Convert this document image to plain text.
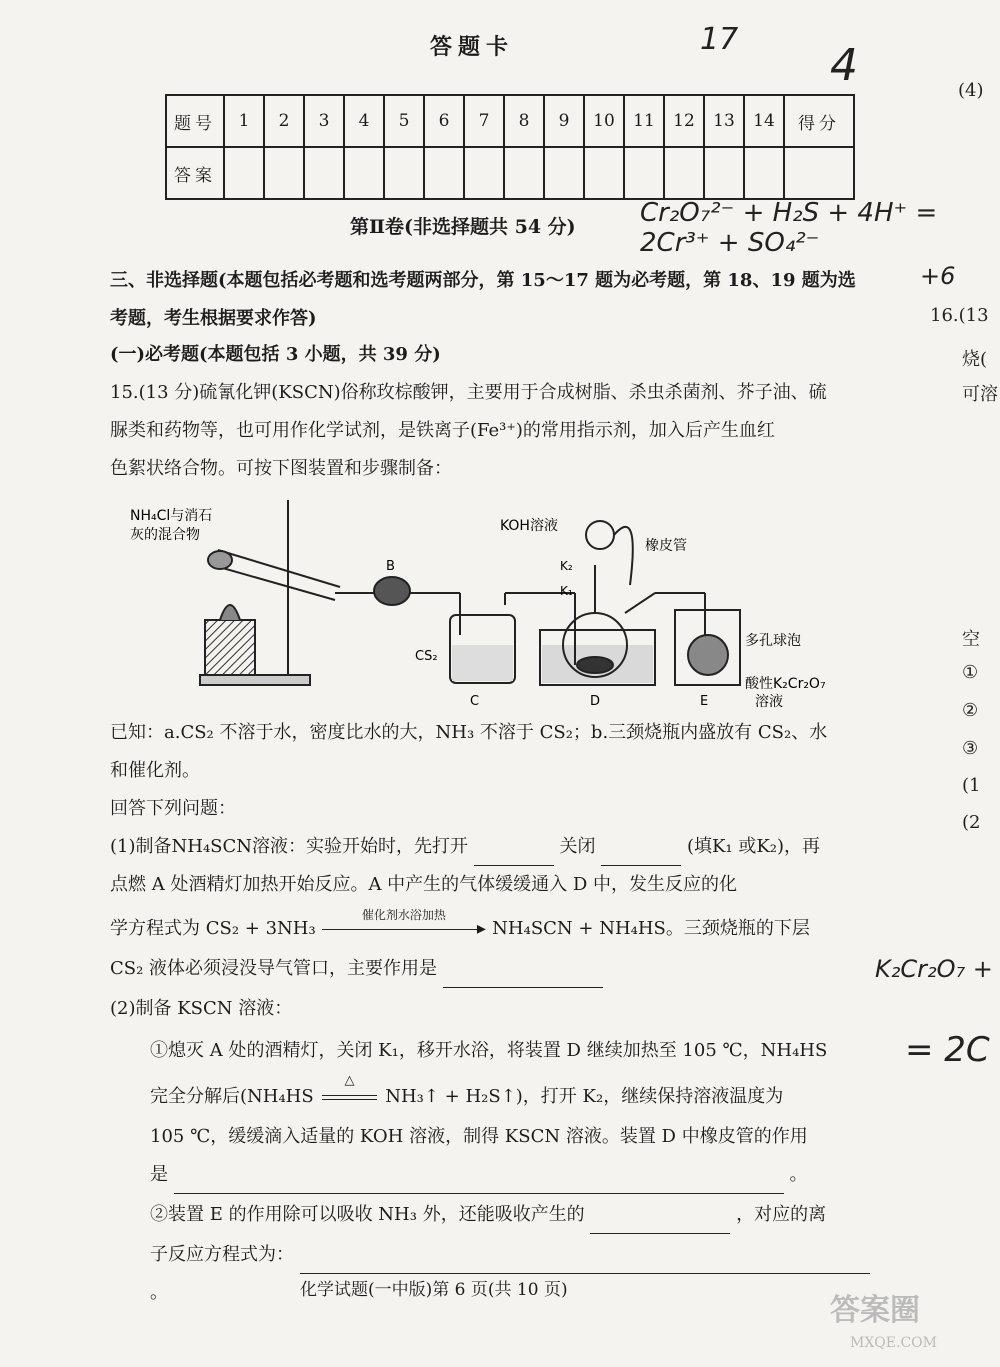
答题卡	17
4
题号	1	2	3	4	5	6	7	8	9	10	11	12	13	14	得分
答案															
第Ⅱ卷(非选择题共 54 分) Cr₂O₇²⁻ + H₂S + 4H⁺ = 2Cr³⁺ + SO₄²⁻
+6
三、非选择题(本题包括必考题和选考题两部分，第 15～17 题为必考题，第 18、19 题为选
考题，考生根据要求作答)
(一)必考题(本题包括 3 小题，共 39 分)
15.(13 分)硫氰化钾(KSCN)俗称玫棕酸钾，主要用于合成树脂、杀虫杀菌剂、芥子油、硫
脲类和药物等，也可用作化学试剂，是铁离子(Fe³⁺)的常用指示剂，加入后产生血红
色絮状络合物。可按下图装置和步骤制备：
NH₄Cl与消石
灰的混合物
B
KOH溶液
橡皮管
K₂
K₁
CS₂
C	D	E
多孔球泡
酸性K₂Cr₂O₇
溶液
已知：a.CS₂ 不溶于水，密度比水的大，NH₃ 不溶于 CS₂；b.三颈烧瓶内盛放有 CS₂、水
和催化剂。
回答下列问题：
(1)制备NH₄SCN溶液：实验开始时，先打开	关闭	(填K₁ 或K₂)，再
点燃 A 处酒精灯加热开始反应。A 中产生的气体缓缓通入 D 中，发生反应的化
学方程式为 CS₂ + 3NH₃
催化剂水浴加热
▸ NH₄SCN + NH₄HS。三颈烧瓶的下层
CS₂ 液体必须浸没导气管口，主要作用是
(2)制备 KSCN 溶液：
①熄灭 A 处的酒精灯，关闭 K₁，移开水浴，将装置 D 继续加热至 105 ℃，NH₄HS
完全分解后(NH₄HS
△
NH₃↑ + H₂S↑)，打开 K₂，继续保持溶液温度为
105 ℃，缓缓滴入适量的 KOH 溶液，制得 KSCN 溶液。装置 D 中橡皮管的作用
是	。
②装置 E 的作用除可以吸收 NH₃ 外，还能吸收产生的	，对应的离
子反应方程式为：  。
(4)
16.(13
烧(
可溶
空
①
②
③
(1
(2
K₂Cr₂O₇ +
= 2C
化学试题(一中版)第 6 页(共 10 页)
答案圈
MXQE.COM
